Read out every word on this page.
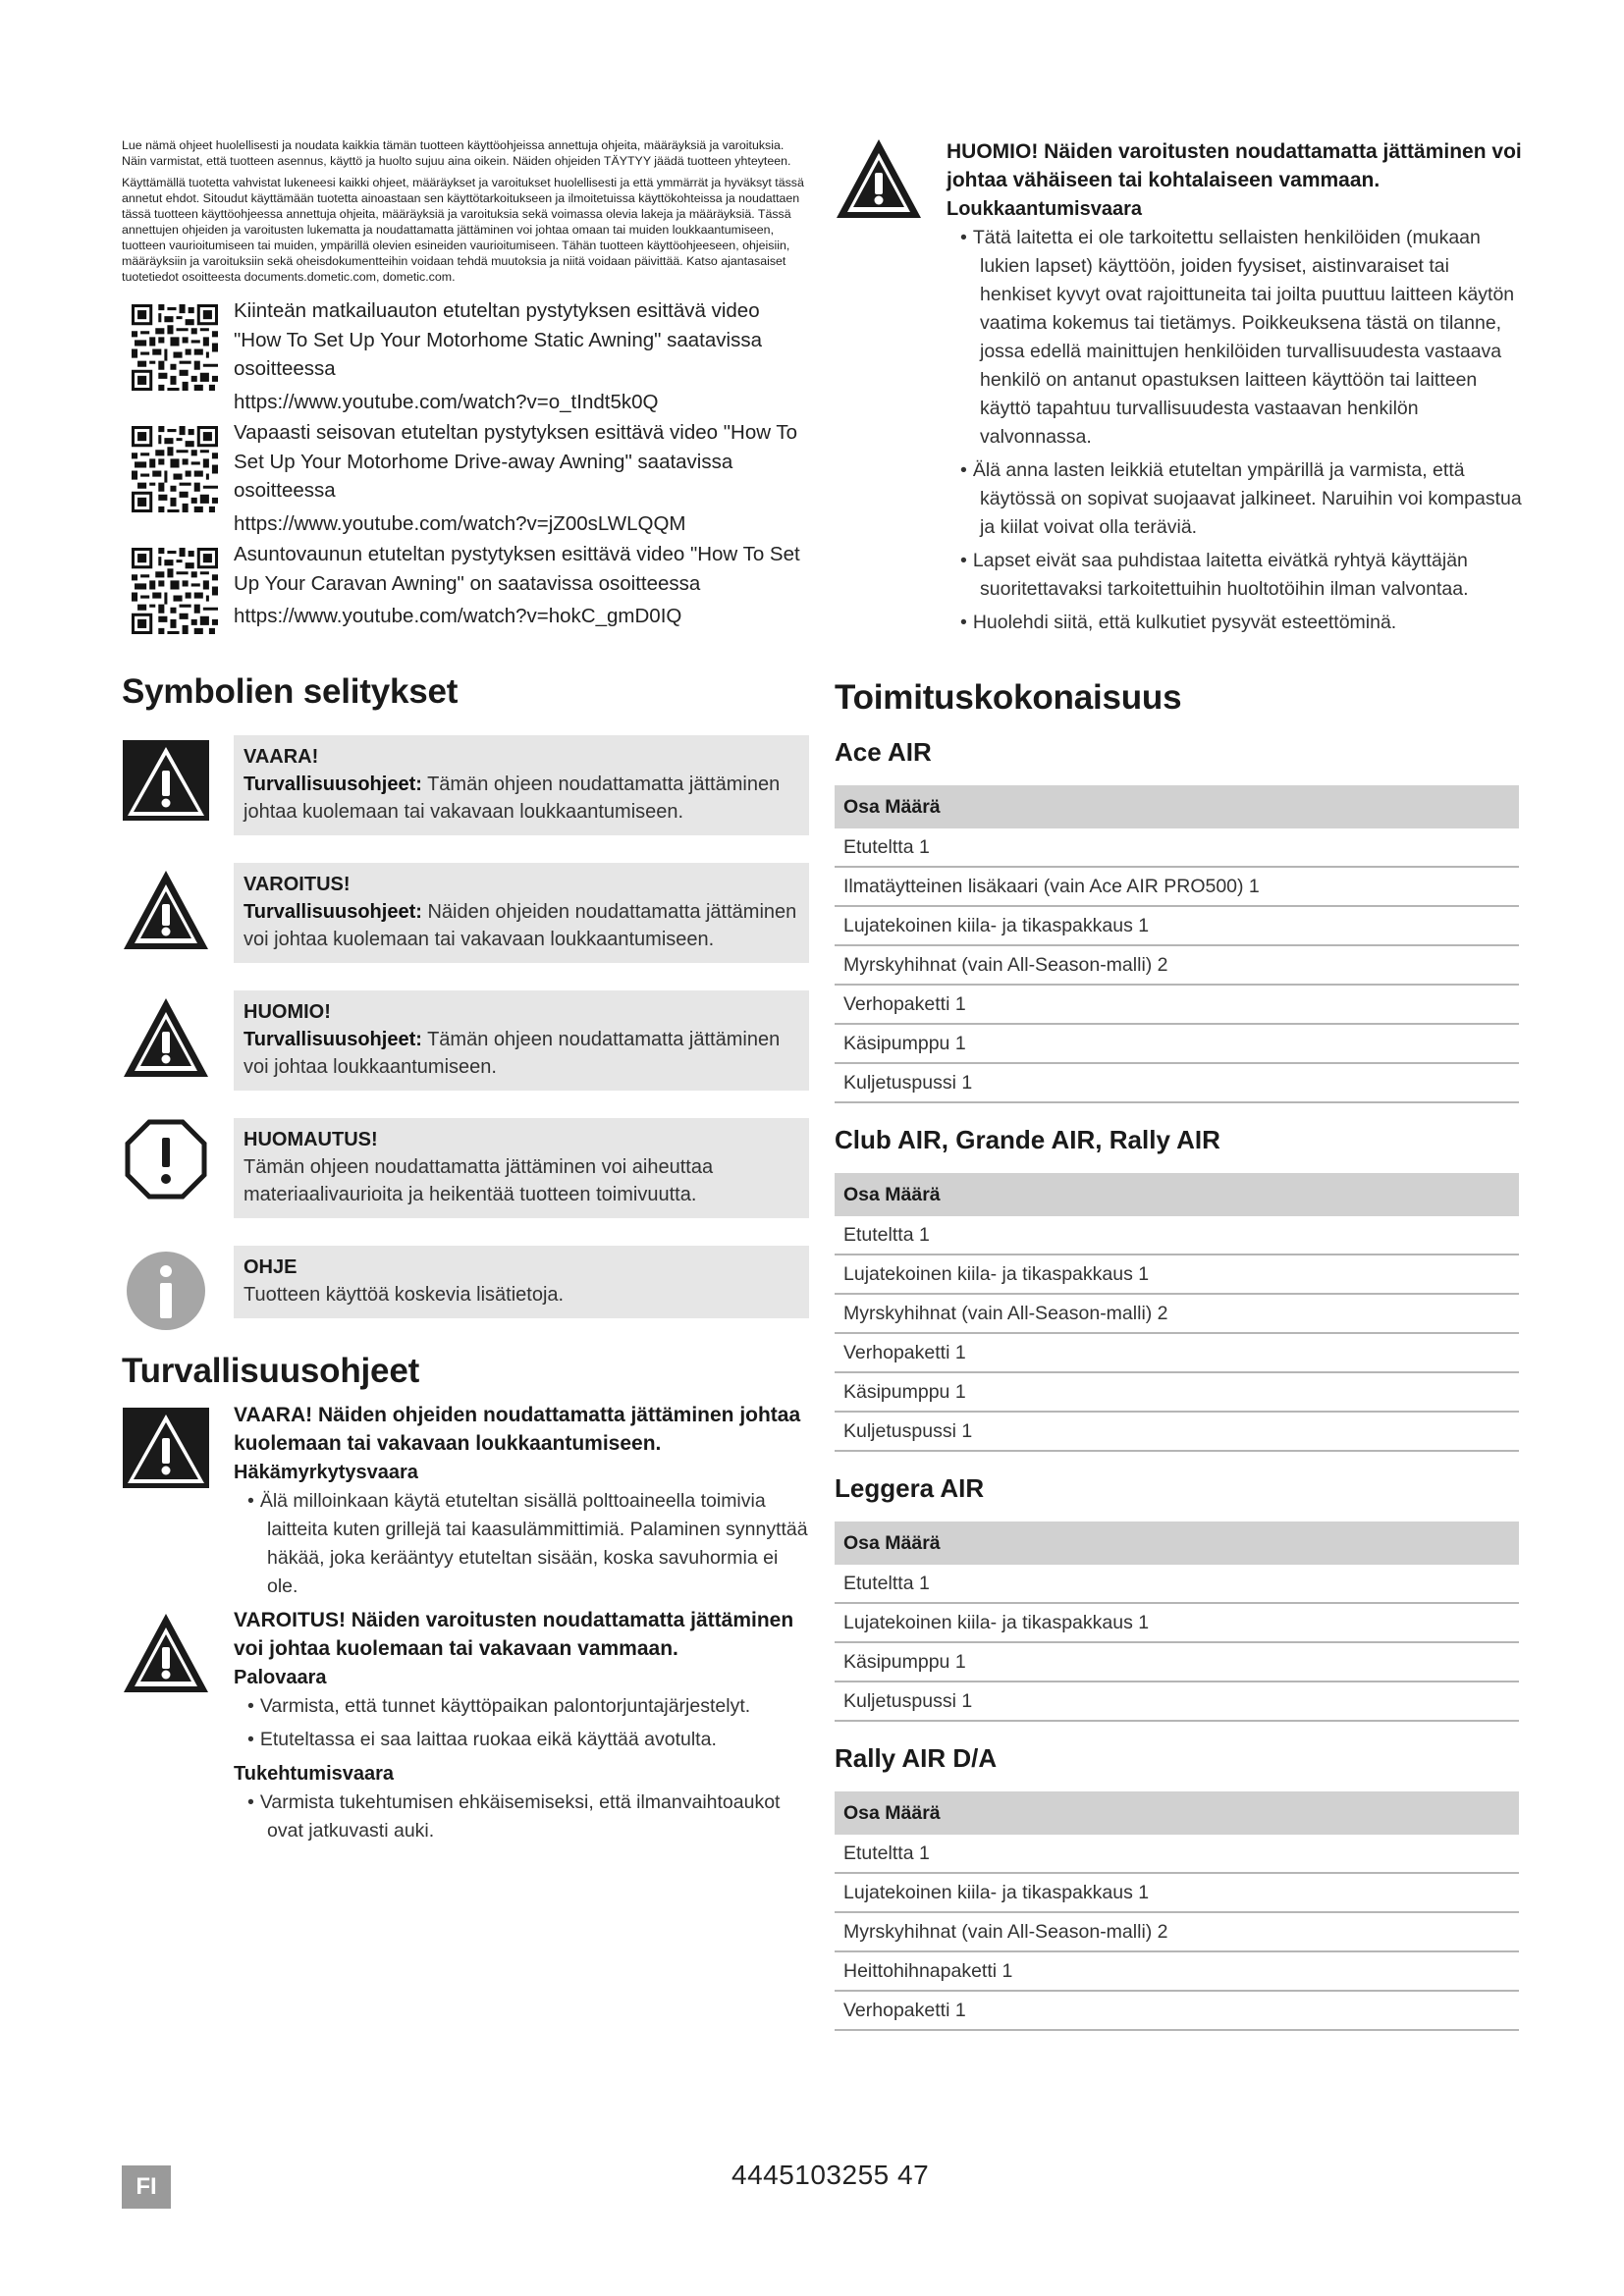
Lue nämä ohjeet huolellisesti ja noudata kaikkia tämän tuotteen käyttöohjeissa annettuja ohjeita, määräyksiä ja varoituksia. Näin varmistat, että tuotteen asennus, käyttö ja huolto sujuu aina oikein. Näiden ohjeiden TÄYTYY jäädä tuotteen yhteyteen.

Käyttämällä tuotetta vahvistat lukeneesi kaikki ohjeet, määräykset ja varoitukset huolellisesti ja että ymmärrät ja hyväksyt tässä annetut ehdot. Sitoudut käyttämään tuotetta ainoastaan sen käyttötarkoitukseen ja ilmoitetuissa käyttökohteissa ja noudattaen tässä tuotteen käyttöohjeessa annettuja ohjeita, määräyksiä ja varoituksia sekä voimassa olevia lakeja ja määräyksiä. Tässä annettujen ohjeiden ja varoitusten lukematta ja noudattamatta jättäminen voi johtaa omaan tai muiden loukkaantumiseen, tuotteen vaurioitumiseen tai muiden, ympärillä olevien esineiden vaurioitumiseen. Tähän tuotteen käyttöohjeeseen, ohjeisiin, määräyksiin ja varoituksiin sekä oheisdokumentteihin voidaan tehdä muutoksia ja niitä voidaan päivittää. Katso ajantasaiset tuotetiedot osoitteesta documents.dometic.com, dometic.com.

Kiinteän matkailuauton etuteltan pystytyksen esittävä video "How To Set Up Your Motorhome Static Awning" saatavissa osoitteessa

https://www.youtube.com/watch?v=o_tIndt5k0Q

Vapaasti seisovan etuteltan pystytyksen esittävä video "How To Set Up Your Motorhome Drive-away Awning" saatavissa osoitteessa

https://www.youtube.com/watch?v=jZ00sLWLQQM

Asuntovaunun etuteltan pystytyksen esittävä video "How To Set Up Your Caravan Awning" on saatavissa osoitteessa

https://www.youtube.com/watch?v=hokC_gmD0IQ

Symbolien selitykset
VAARA!
Turvallisuusohjeet: Tämän ohjeen noudattamatta jättäminen johtaa kuolemaan tai vakavaan loukkaantumiseen.
VAROITUS!
Turvallisuusohjeet: Näiden ohjeiden noudattamatta jättäminen voi johtaa kuolemaan tai vakavaan loukkaantumiseen.
HUOMIO!
Turvallisuusohjeet: Tämän ohjeen noudattamatta jättäminen voi johtaa loukkaantumiseen.
HUOMAUTUS!
Tämän ohjeen noudattamatta jättäminen voi aiheuttaa materiaalivaurioita ja heikentää tuotteen toimivuutta.
OHJE
Tuotteen käyttöä koskevia lisätietoja.
Turvallisuusohjeet

VAARA! Näiden ohjeiden noudattamatta jättäminen johtaa kuolemaan tai vakavaan loukkaantumiseen.

Häkämyrkytysvaara

• Älä milloinkaan käytä etuteltan sisällä polttoaineella toimivia laitteita kuten grillejä tai kaasulämmittimiä. Palaminen synnyttää häkää, joka kerääntyy etuteltan sisään, koska savuhormia ei ole.

VAROITUS! Näiden varoitusten noudattamatta jättäminen voi johtaa kuolemaan tai vakavaan vammaan.

Palovaara

• Varmista, että tunnet käyttöpaikan palontorjuntajärjestelyt.
• Etuteltassa ei saa laittaa ruokaa eikä käyttää avotulta.

Tukehtumisvaara

• Varmista tukehtumisen ehkäisemiseksi, että ilmanvaihtoaukot ovat jatkuvasti auki.

HUOMIO! Näiden varoitusten noudattamatta jättäminen voi johtaa vähäiseen tai kohtalaiseen vammaan.

Loukkaantumisvaara

• Tätä laitetta ei ole tarkoitettu sellaisten henkilöiden (mukaan lukien lapset) käyttöön, joiden fyysiset, aistinvaraiset tai henkiset kyvyt ovat rajoittuneita tai joilta puuttuu laitteen käytön vaatima kokemus tai tietämys. Poikkeuksena tästä on tilanne, jossa edellä mainittujen henkilöiden turvallisuudesta vastaava henkilö on antanut opastuksen laitteen käyttöön tai laitteen käyttö tapahtuu turvallisuudesta vastaavan henkilön valvonnassa.
• Älä anna lasten leikkiä etuteltan ympärillä ja varmista, että käytössä on sopivat suojaavat jalkineet. Naruihin voi kompastua ja kiilat voivat olla teräviä.
• Lapset eivät saa puhdistaa laitetta eivätkä ryhtyä käyttäjän suoritettavaksi tarkoitettuihin huoltotöihin ilman valvontaa.
• Huolehdi siitä, että kulkutiet pysyvät esteettöminä.
Toimituskokonaisuus
Ace AIR
Osa Määrä
Etuteltta 1
Ilmatäytteinen lisäkaari (vain Ace AIR PRO500) 1
Lujatekoinen kiila- ja tikaspakkaus 1
Myrskyhihnat (vain All-Season-malli) 2
Verhopaketti 1
Käsipumppu 1
Kuljetuspussi 1
Club AIR, Grande AIR, Rally AIR
Osa Määrä
Etuteltta 1
Lujatekoinen kiila- ja tikaspakkaus 1
Myrskyhihnat (vain All-Season-malli) 2
Verhopaketti 1
Käsipumppu 1
Kuljetuspussi 1
Leggera AIR
Osa Määrä
Etuteltta 1
Lujatekoinen kiila- ja tikaspakkaus 1
Käsipumppu 1
Kuljetuspussi 1
Rally AIR D/A
Osa Määrä
Etuteltta 1
Lujatekoinen kiila- ja tikaspakkaus 1
Myrskyhihnat (vain All-Season-malli) 2
Heittohihnapaketti 1
Verhopaketti 1
FI	4445103255 47
